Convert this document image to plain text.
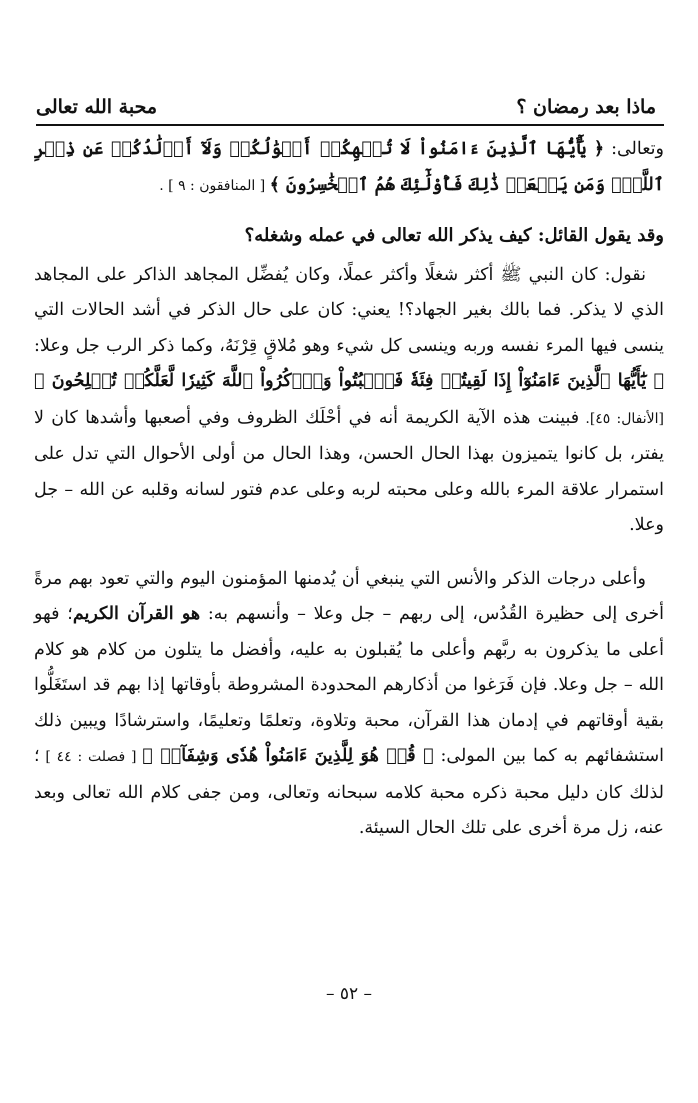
ماذا بعد رمضان ؟
محبة الله تعالى

وتعالى: ﴿ يَٰٓأَيُّهَا ٱلَّذِينَ ءَامَنُواْ لَا تُلۡهِكُمۡ أَمۡوَٰلُكُمۡ وَلَآ أَوۡلَٰدُكُمۡ عَن ذِكۡرِ ٱللَّهِۚ وَمَن يَفۡعَلۡ ذَٰلِكَ فَأُوْلَٰٓئِكَ هُمُ ٱلۡخَٰسِرُونَ ﴾ [ المنافقون : ٩ ] .

وقد يقول القائل: كيف يذكر الله تعالى في عمله وشغله؟

نقول: كان النبي ﷺ أكثر شغلًا وأكثر عملًا، وكان يُفضِّل المجاهد الذاكر على المجاهد الذي لا يذكر. فما بالك بغير الجهاد؟! يعني: كان على حال الذكر في أشد الحالات التي ينسى فيها المرء نفسه وربه وينسى كل شيء وهو مُلاقٍ قِرْنَهُ، وكما ذكر الرب جل وعلا: ﴿ يَٰٓأَيُّهَا ٱلَّذِينَ ءَامَنُوٓاْ إِذَا لَقِيتُمۡ فِئَةٗ فَٱثۡبُتُواْ وَٱذۡكُرُواْ ٱللَّهَ كَثِيرٗا لَّعَلَّكُمۡ تُفۡلِحُونَ ﴾ [الأنفال: ٤٥]. فبينت هذه الآية الكريمة أنه في أحْلَك الظروف وفي أصعبها وأشدها كان لا يفتر، بل كانوا يتميزون بهذا الحال الحسن، وهذا الحال من أولى الأحوال التي تدل على استمرار علاقة المرء بالله وعلى محبته لربه وعلى عدم فتور لسانه وقلبه عن الله – جل وعلا.

وأعلى درجات الذكر والأنس التي ينبغي أن يُدمنها المؤمنون اليوم والتي تعود بهم مرةً أخرى إلى حظيرة القُدُس، إلى ربهم – جل وعلا – وأنسهم به: هو القرآن الكريم؛ فهو أعلى ما يذكرون به ربَّهم وأعلى ما يُقبلون به عليه، وأفضل ما يتلون من كلام هو كلام الله – جل وعلا. فإن فَرَغوا من أذكارهم المحدودة المشروطة بأوقاتها إذا بهم قد استَغَلُّوا بقية أوقاتهم في إدمان هذا القرآن، محبة وتلاوة، وتعلمًا وتعليمًا، واسترشادًا ويبين ذلك استشفائهم به كما بين المولى: ﴿ قُلۡ هُوَ لِلَّذِينَ ءَامَنُواْ هُدٗى وَشِفَآءٞ ﴾ [ فصلت : ٤٤ ] ؛ لذلك كان دليل محبة ذكره محبة كلامه سبحانه وتعالى، ومن جفى كلام الله تعالى وبعد عنه، زل مرة أخرى على تلك الحال السيئة.

– ٥٢ –
